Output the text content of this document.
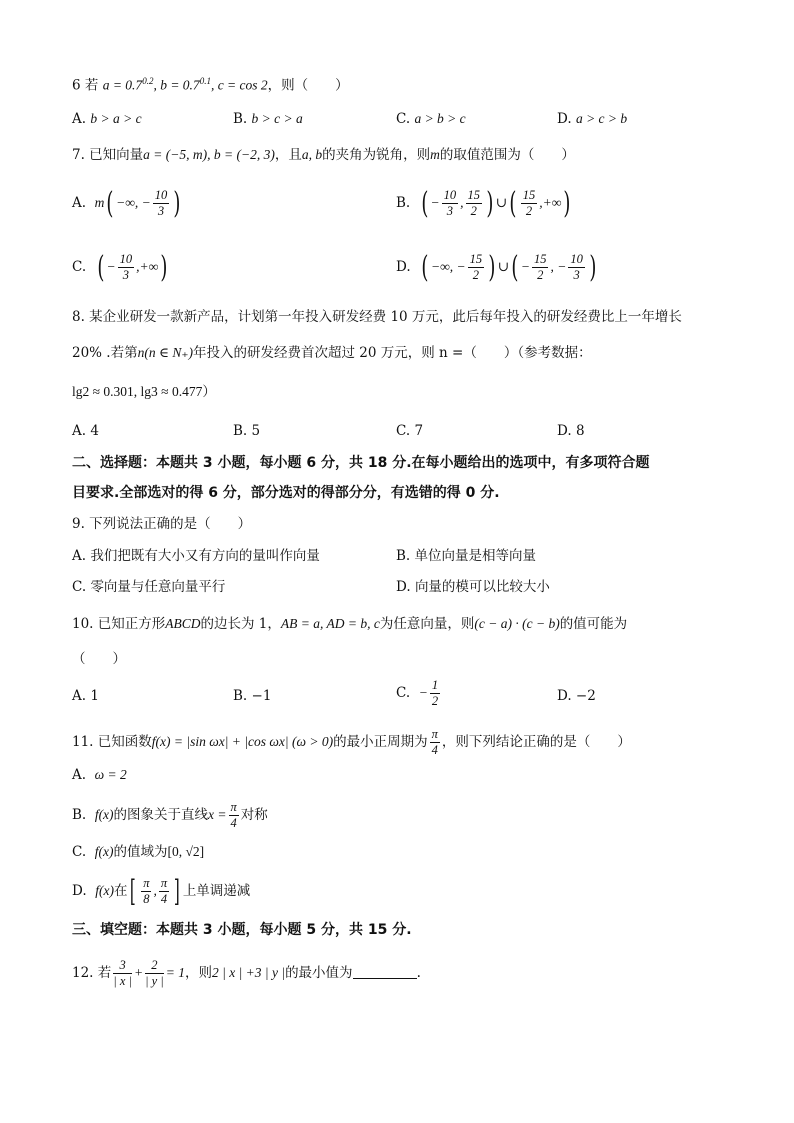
6 若 $a = 0.7^{0.2}$, $b = 0.7^{0.1}$, c = cos 2，则（　　）
A. b > a > c	B. b > c > a	C. a > b > c	D. a > c > b
7. 已知向量a = (−5, m), b = (−2, 3)，且a, b的夹角为锐角，则m的取值范围为（　　）
A. m( −∞, − $\frac{10}{3}$ )	B. ( − $\frac{10}{3}$ , $\frac{15}{2}$ ) ∪( $\frac{15}{2}$ ,+∞)
C. ( − $\frac{10}{3}$ ,+∞)	D. ( −∞, − $\frac{15}{2}$ ) ∪( − $\frac{15}{2}$ , − $\frac{10}{3}$ )
8. 某企业研发一款新产品，计划第一年投入研发经费 10 万元，此后每年投入的研发经费比上一年增长
20% .若第n(n ∈ N₊)年投入的研发经费首次超过 20 万元，则 n =（　　）（参考数据：
lg2 ≈ 0.301, lg3 ≈ 0.477）
A. 4	B. 5	C. 7	D. 8
二、选择题：本题共 3 小题，每小题 6 分，共 18 分.在每小题给出的选项中，有多项符合题
目要求.全部选对的得 6 分，部分选对的得部分分，有选错的得 0 分.
9. 下列说法正确的是（　　）
A. 我们把既有大小又有方向的量叫作向量	B. 单位向量是相等向量
C. 零向量与任意向量平行	D. 向量的模可以比较大小
10. 已知正方形ABCD的边长为 1，AB = a, AD = b, c为任意向量，则(c − a) · (c − b)的值可能为
（　　）
A. 1	B. −1	C. − $\frac{1}{2}$	D. −2
11. 已知函数f(x) = |sin ωx| + |cos ωx| (ω > 0)的最小正周期为 $\frac{\pi}{4}$ ，则下列结论正确的是（　　）
A. ω = 2
B. f(x)的图象关于直线$x = \frac{\pi}{4}$ 对称
C. f(x)的值域为[0, √2]
D. f(x)在[ $\frac{\pi}{8}$ , $\frac{\pi}{4}$ ] 上单调递减
三、填空题：本题共 3 小题，每小题 5 分，共 15 分.
12. 若 $\frac{3}{| x |} + \frac{2}{| y |} = 1$，则2 | x | +3 | y |的最小值为	.
